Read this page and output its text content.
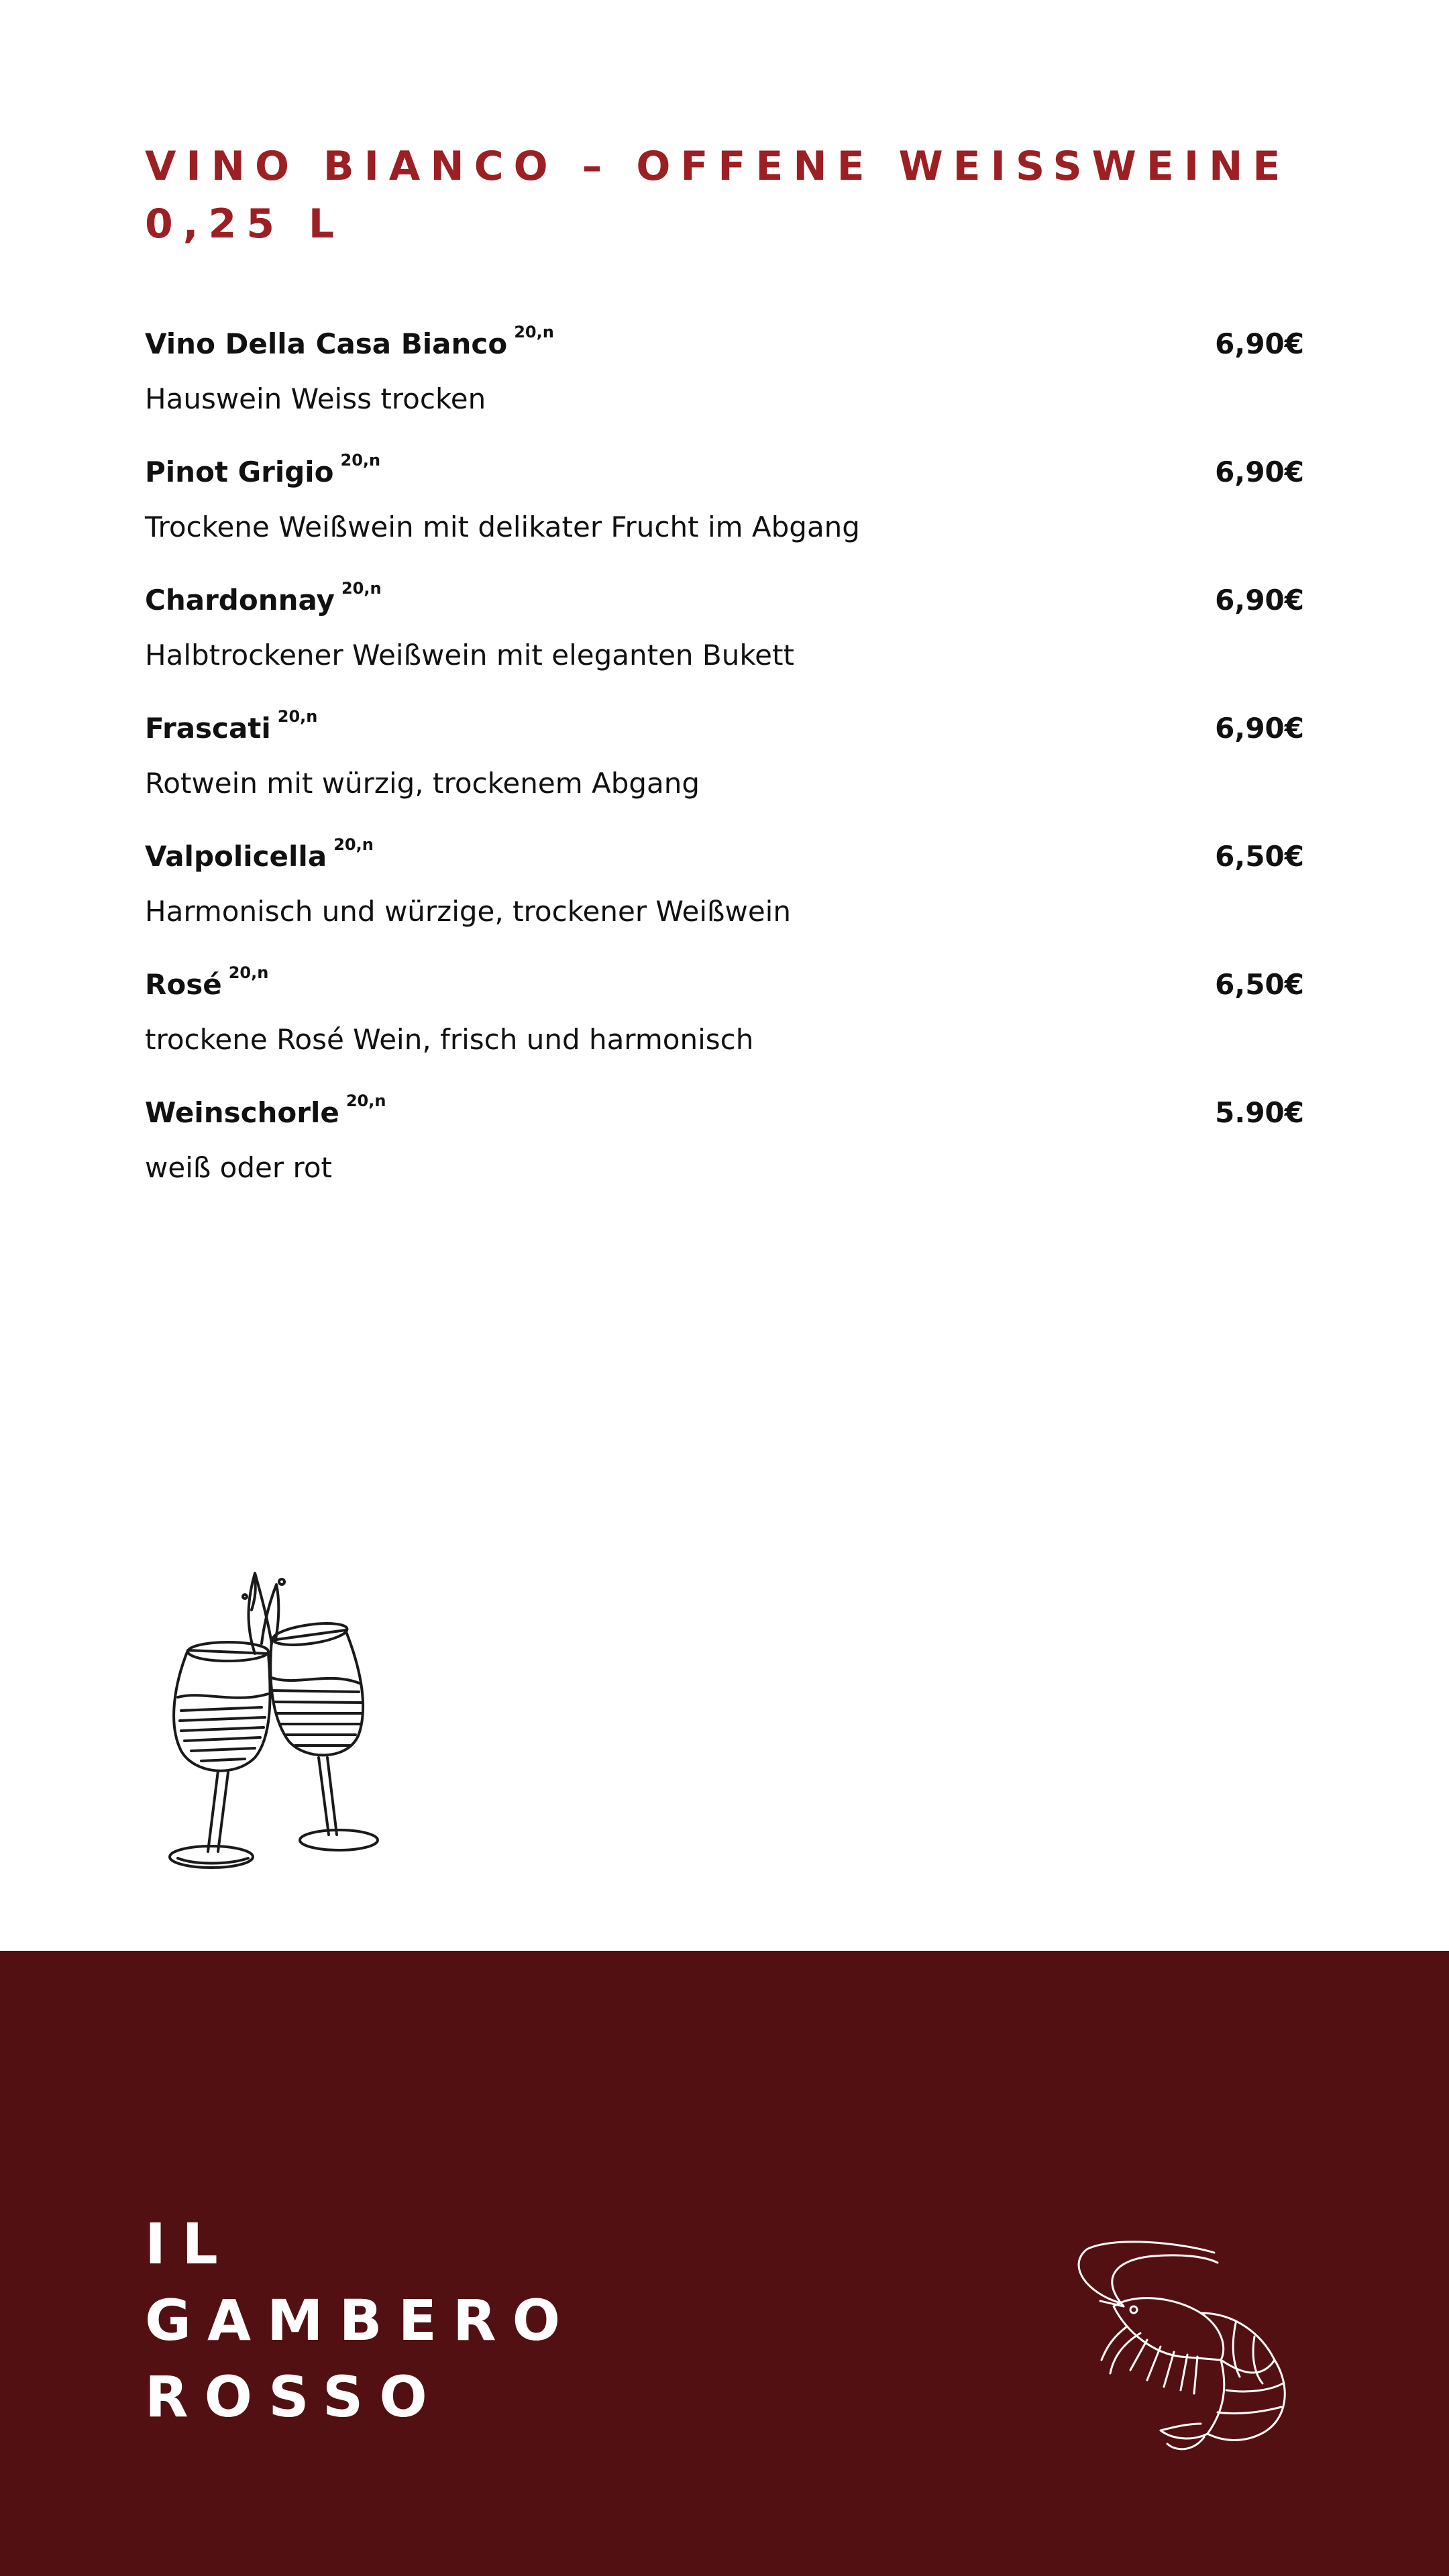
VINO BIANCO – OFFENE WEISSWEINE
0,25 L
Vino Della Casa Bianco $^{20,n}$	6,90€
Hauswein Weiss trocken
Pinot Grigio $^{20,n}$	6,90€
Trockene Weißwein mit delikater Frucht im Abgang
Chardonnay $^{20,n}$	6,90€
Halbtrockener Weißwein mit eleganten Bukett
Frascati $^{20,n}$	6,90€
Rotwein mit würzig, trockenem Abgang
Valpolicella $^{20,n}$	6,50€
Harmonisch und würzige, trockener Weißwein
Rosé $^{20,n}$	6,50€
trockene Rosé Wein, frisch und harmonisch
Weinschorle $^{20,n}$	5.90€
weiß oder rot
IL
GAMBERO
ROSSO
